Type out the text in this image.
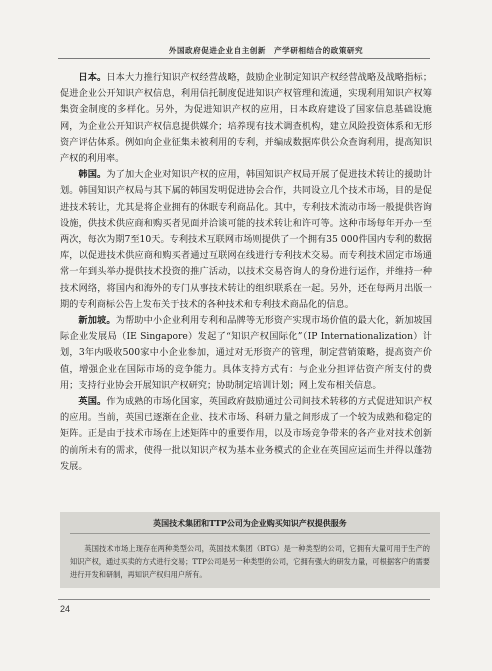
外国政府促进企业自主创新　产学研相结合的政策研究

日本。日本大力推行知识产权经营战略，鼓励企业制定知识产权经营战略及战略指标；促进企业公开知识产权信息，利用信托制度促进知识产权管理和流通，实现利用知识产权筹集资金制度的多样化。另外，为促进知识产权的应用，日本政府建设了国家信息基础设施网，为企业公开知识产权信息提供媒介；培养现有技术调查机构，建立风险投资体系和无形资产评估体系。例如向企业征集未被利用的专利，并编成数据库供公众查询利用，提高知识产权的利用率。

韩国。为了加大企业对知识产权的应用，韩国知识产权局开展了促进技术转让的援助计划。韩国知识产权局与其下属的韩国发明促进协会合作，共同设立几个技术市场，目的是促进技术转让，尤其是将企业拥有的休眠专利商品化。其中，专利技术流动市场一般提供咨询设施，供技术供应商和购买者见面并洽谈可能的技术转让和许可等。这种市场每年开办一至两次，每次为期7至10天。专利技术互联网市场则提供了一个拥有35 000件国内专利的数据库，以促进技术供应商和购买者通过互联网在线进行专利技术交易。而专利技术固定市场通常一年到头举办提供技术投资的推广活动，以技术交易咨询人的身份进行运作，并维持一种技术网络，将国内和海外的专门从事技术转让的组织联系在一起。另外，还在每两月出版一期的专利商标公告上发布关于技术的各种技术和专利技术商品化的信息。

新加坡。为帮助中小企业利用专利和品牌等无形资产实现市场价值的最大化，新加坡国际企业发展局（IE Singapore）发起了“知识产权国际化”（IP Internationalization）计划，3年内吸收500家中小企业参加，通过对无形资产的管理，制定营销策略，提高资产价值，增强企业在国际市场的竞争能力。具体支持方式有：与企业分担评估资产所支付的费用；支持行业协会开展知识产权研究；协助制定培训计划；网上发布相关信息。

英国。作为成熟的市场化国家，英国政府鼓励通过公司间技术转移的方式促进知识产权的应用。当前，英国已逐渐在企业、技术市场、科研力量之间形成了一个较为成熟和稳定的矩阵。正是由于技术市场在上述矩阵中的重要作用，以及市场竞争带来的各产业对技术创新的前所未有的需求，使得一批以知识产权为基本业务模式的企业在英国应运而生并得以蓬勃发展。

英国技术集团和TTP公司为企业购买知识产权提供服务

英国技术市场上现存在两种类型公司，英国技术集团（BTG）是一种类型的公司，它拥有大量可用于生产的知识产权，通过买卖的方式进行交易；TTP公司是另一种类型的公司，它拥有强大的研发力量，可根据客户的需要进行开发和研制，再知识产权归用户所有。

24
